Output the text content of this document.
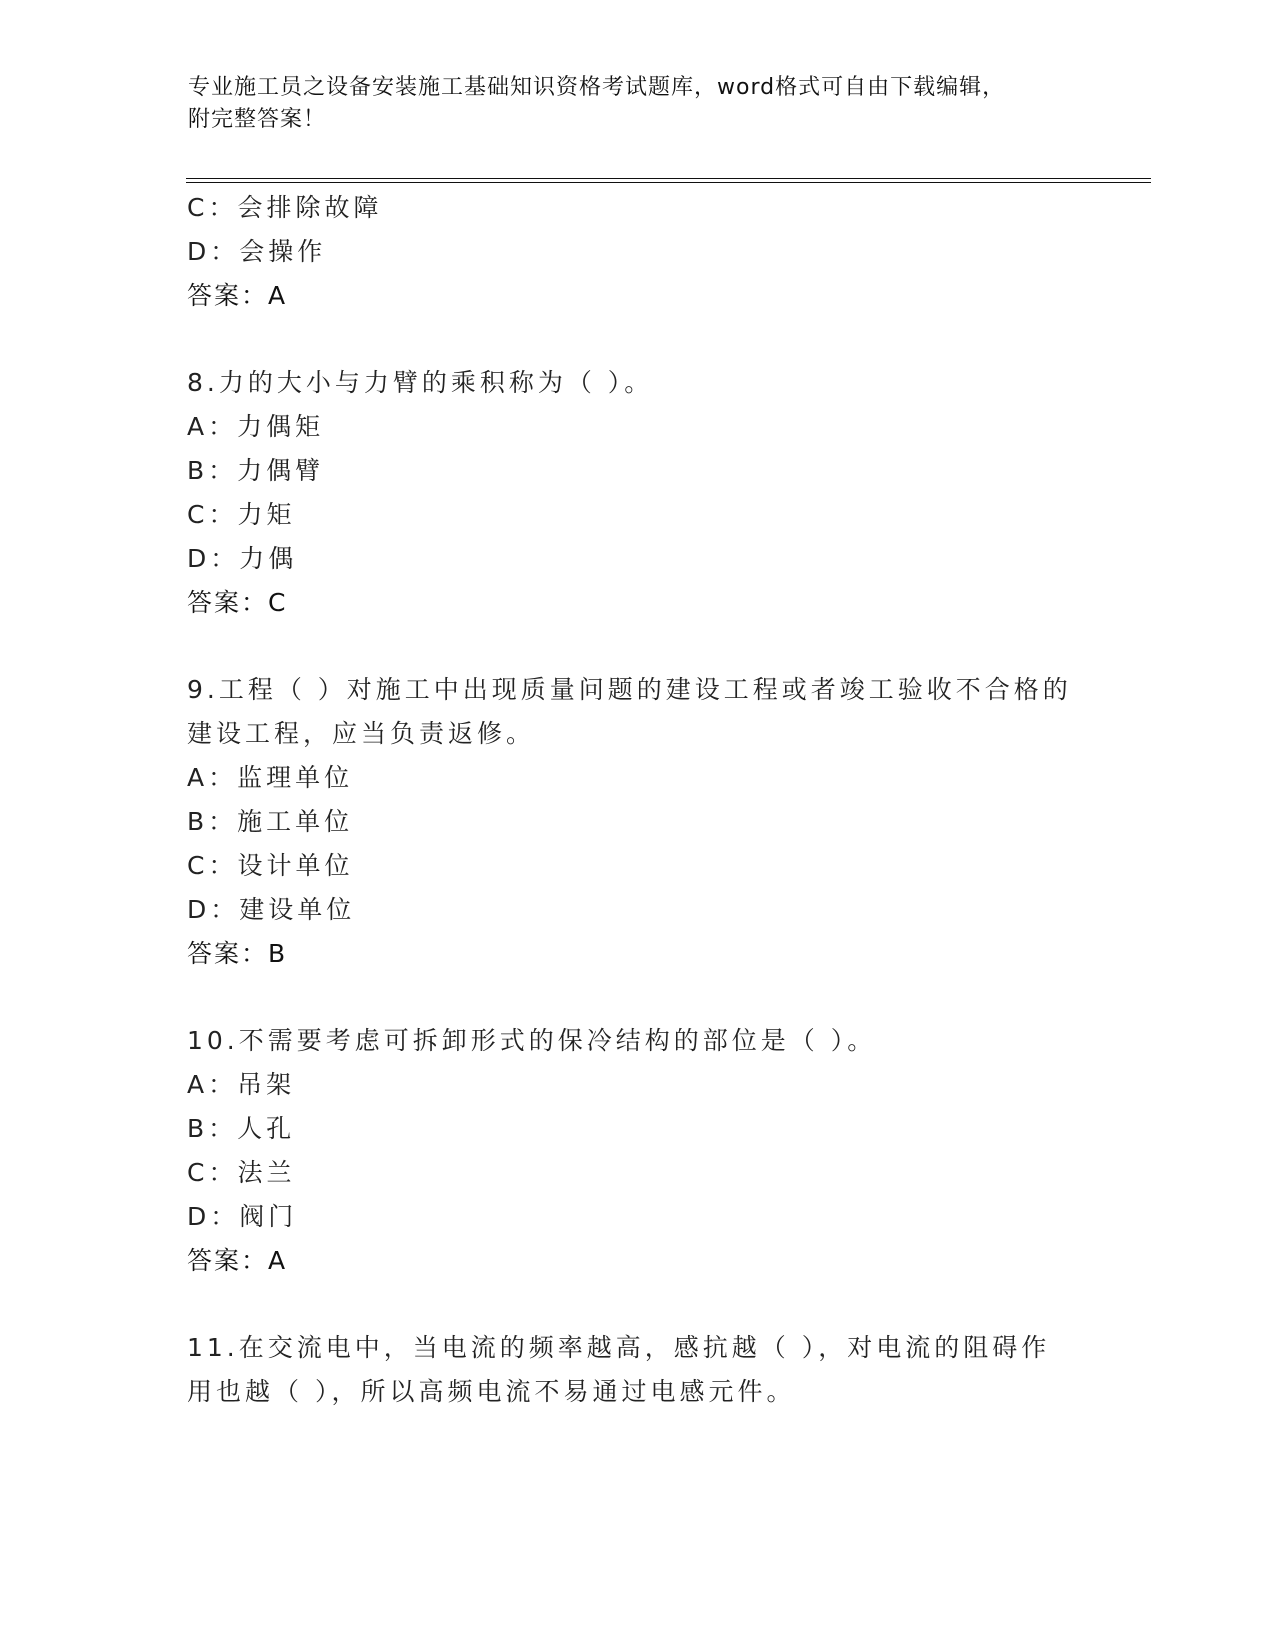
专业施工员之设备安装施工基础知识资格考试题库，word格式可自由下载编辑，
附完整答案！
C：会排除故障
D：会操作
答案：A
8.力的大小与力臂的乘积称为（ ）。
A：力偶矩
B：力偶臂
C：力矩
D：力偶
答案：C
9.工程（ ）对施工中出现质量问题的建设工程或者竣工验收不合格的
建设工程，应当负责返修。
A：监理单位
B：施工单位
C：设计单位
D：建设单位
答案：B
10.不需要考虑可拆卸形式的保冷结构的部位是（ ）。
A：吊架
B：人孔
C：法兰
D：阀门
答案：A
11.在交流电中，当电流的频率越高，感抗越（ ），对电流的阻碍作
用也越（ ），所以高频电流不易通过电感元件。
